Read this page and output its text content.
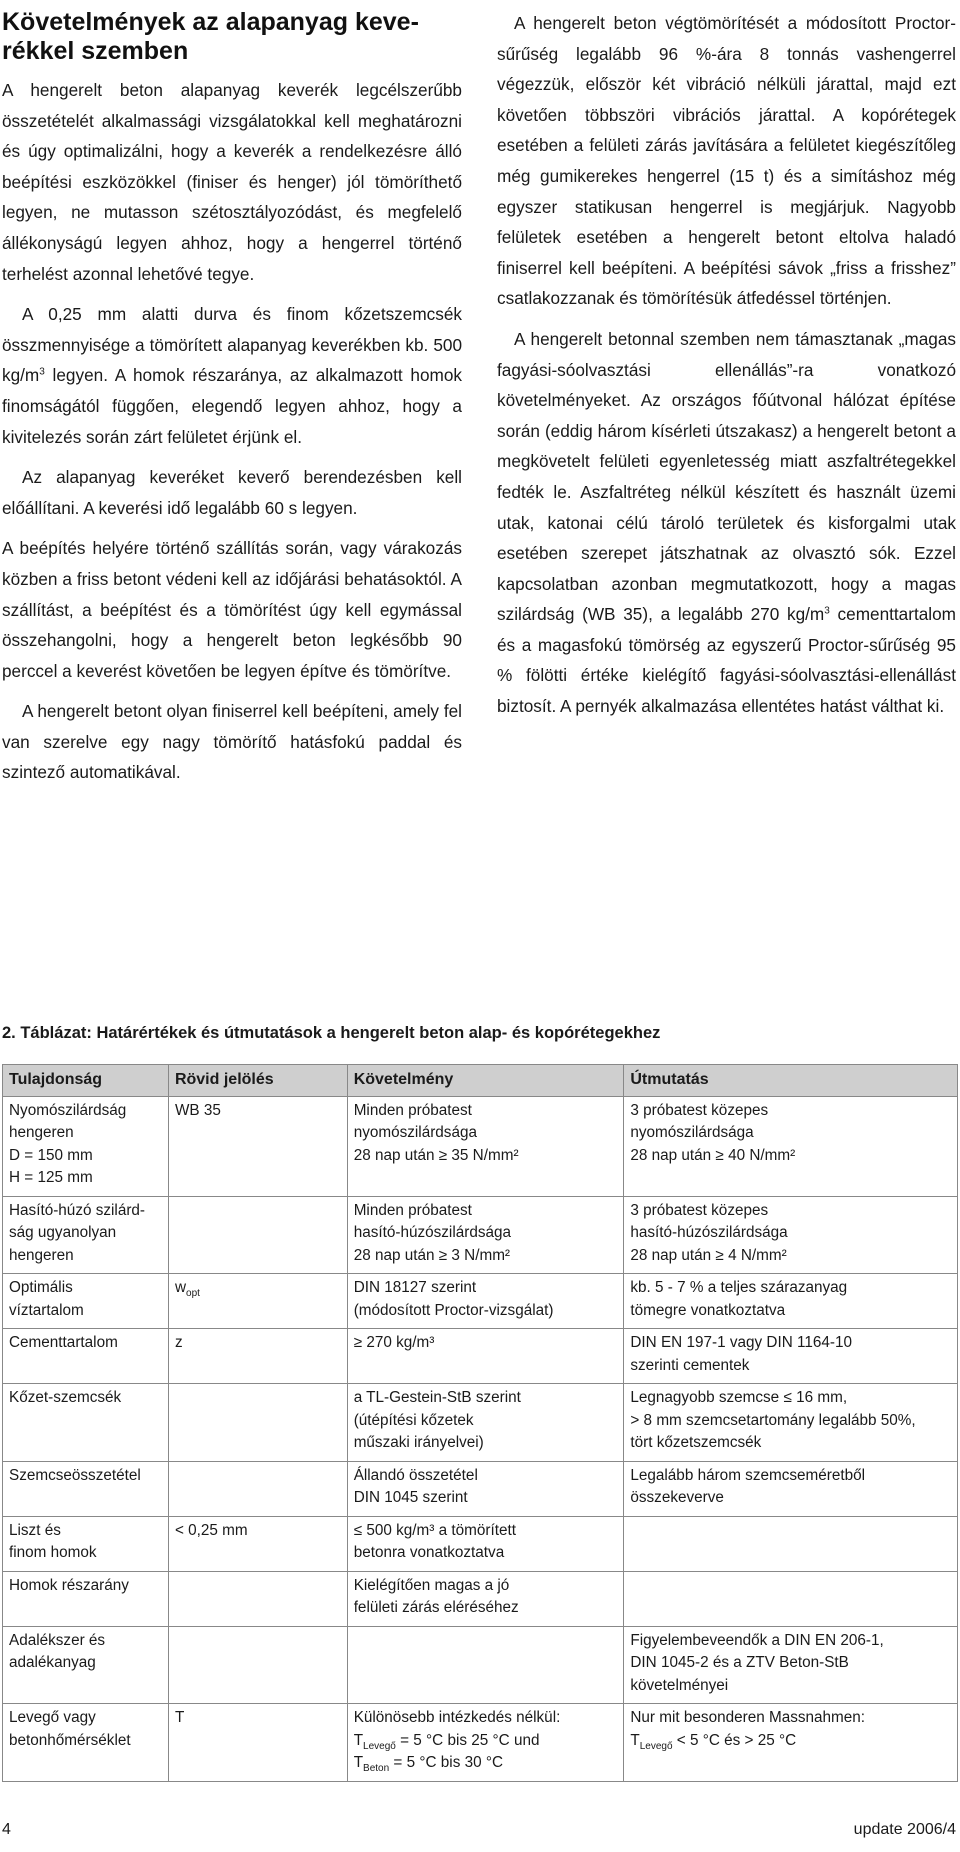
Követelmények az alapanyag keverékkel szemben

A hengerelt beton alapanyag keverék legcélszerűbb összetételét alkalmassági vizsgálatokkal kell meghatározni és úgy optimalizálni, hogy a keverék a rendelkezésre álló beépítési eszközökkel (finiser és henger) jól tömöríthető legyen, ne mutasson szétosztályozódást, és megfelelő állékonyságú legyen ahhoz, hogy a hengerrel történő terhelést azonnal lehetővé tegye.

A 0,25 mm alatti durva és finom kőzetszemcsék összmennyisége a tömörített alapanyag keverékben kb. 500 $kg/m^3$ legyen. A homok részaránya, az alkalmazott homok finomságától függően, elegendő legyen ahhoz, hogy a kivitelezés során zárt felületet érjünk el.

Az alapanyag keveréket keverő berendezésben kell előállítani. A keverési idő legalább 60 s legyen.

A beépítés helyére történő szállítás során, vagy várakozás közben a friss betont védeni kell az időjárási behatásoktól. A szállítást, a beépítést és a tömörítést úgy kell egymással összehangolni, hogy a hengerelt beton legkésőbb 90 perccel a keverést követően be legyen építve és tömörítve.

A hengerelt betont olyan finiserrel kell beépíteni, amely fel van szerelve egy nagy tömörítő hatásfokú paddal és szintező automatikával.

A hengerelt beton végtömörítését a módosított Proctor-sűrűség legalább 96 %-ára 8 tonnás vashengerrel végezzük, először két vibráció nélküli járattal, majd ezt követően többszöri vibrációs járattal. A kopórétegek esetében a felületi zárás javítására a felületet kiegészítőleg még gumikerekes hengerrel (15 t) és a simításhoz még egyszer statikusan hengerrel is megjárjuk. Nagyobb felületek esetében a hengerelt betont eltolva haladó finiserrel kell beépíteni. A beépítési sávok „friss a frisshez” csatlakozzanak és tömörítésük átfedéssel történjen.

A hengerelt betonnal szemben nem támasztanak „magas fagyási-sóolvasztási ellenállás”-ra vonatkozó követelményeket. Az országos főútvonal hálózat építése során (eddig három kísérleti útszakasz) a hengerelt betont a megkövetelt felületi egyenletesség miatt aszfaltrétegekkel fedték le. Aszfaltréteg nélkül készített és használt üzemi utak, katonai célú tároló területek és kisforgalmi utak esetében szerepet játszhatnak az olvasztó sók. Ezzel kapcsolatban azonban megmutatkozott, hogy a magas szilárdság (WB 35), a legalább 270 $kg/m^3$ cementtartalom és a magasfokú tömörség az egyszerű Proctor-sűrűség 95 % fölötti értéke kielégítő fagyási-sóolvasztási-ellenállást biztosít. A pernyék alkalmazása ellentétes hatást válthat ki.

2. Táblázat: Határértékek és útmutatások a hengerelt beton alap- és kopórétegekhez
Tulajdonság	Rövid jelölés	Követelmény	Útmutatás
Nyomószilárdság
hengeren
D = 150 mm
H = 125 mm	WB 35	Minden próbatest
nyomószilárdsága
28 nap után ≥ 35 N/mm²	3 próbatest közepes
nyomószilárdsága
28 nap után ≥ 40 N/mm²
Hasító-húzó szilárd-
ság ugyanolyan
hengeren		Minden próbatest
hasító-húzószilárdsága
28 nap után ≥ 3 N/mm²	3 próbatest közepes
hasító-húzószilárdsága
28 nap után ≥ 4 N/mm²
Optimális
víztartalom	$w_{opt}$	DIN 18127 szerint
(módosított Proctor-vizsgálat)	kb. 5 - 7 % a teljes szárazanyag
tömegre vonatkoztatva
Cementtartalom	z	≥ 270 kg/m³	DIN EN 197-1 vagy DIN 1164-10
szerinti cementek
Kőzet-szemcsék		a TL-Gestein-StB szerint
(útépítési kőzetek
műszaki irányelvei)	Legnagyobb szemcse ≤ 16 mm,
> 8 mm szemcsetartomány legalább 50%,
tört kőzetszemcsék
Szemcseösszetétel		Állandó összetétel
DIN 1045 szerint	Legalább három szemcseméretből
összekeverve
Liszt és
finom homok	< 0,25 mm	≤ 500 kg/m³ a tömörített
betonra vonatkoztatva	
Homok részarány		Kielégítően magas a jó
felületi zárás eléréséhez	
Adalékszer és
adalékanyag			Figyelembeveendők a DIN EN 206-1,
DIN 1045-2 és a ZTV Beton-StB
követelményei
Levegő vagy
betonhőmérséklet	T	Különösebb intézkedés nélkül:
$T_{Levegő} = 5$ °C bis 25 °C und
$T_{Beton} = 5$ °C bis 30 °C	Nur mit besonderen Massnahmen:
$T_{Levegő} < 5$ °C és > 25 °C
4	update 2006/4
